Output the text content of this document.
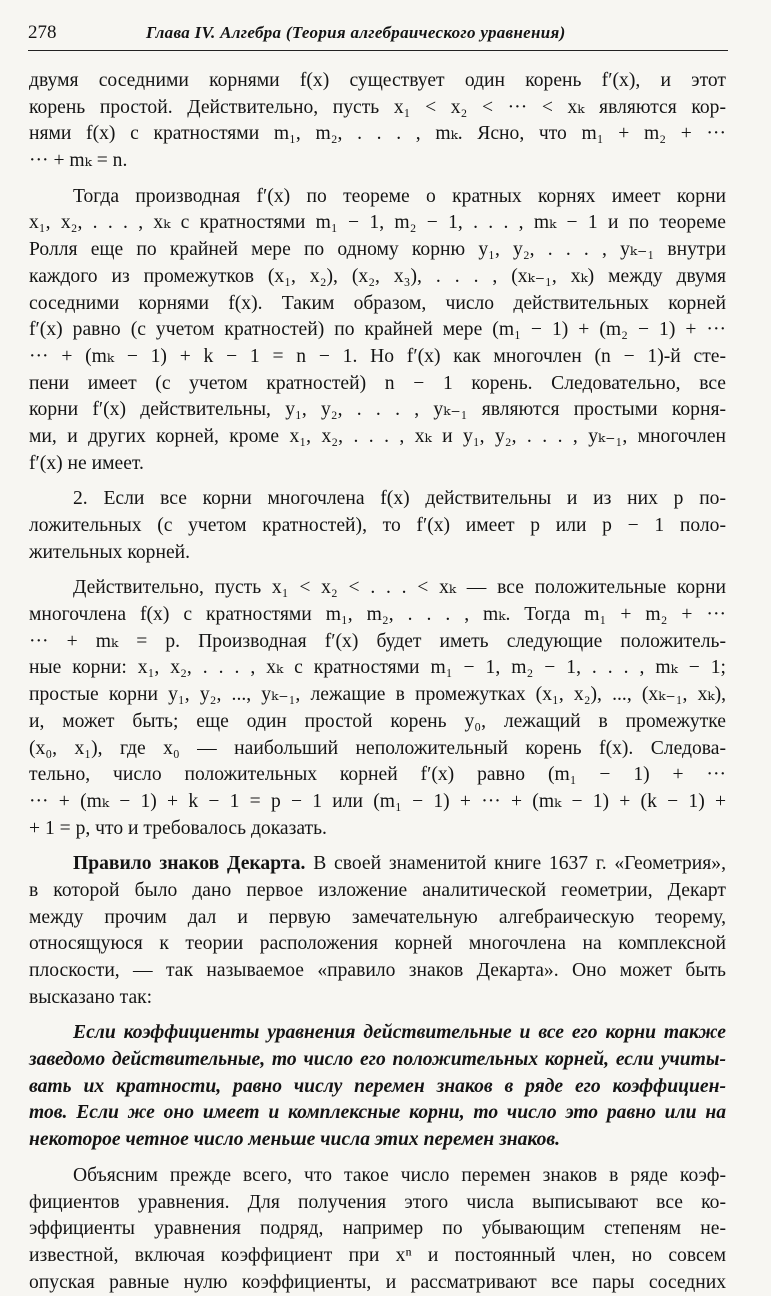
278	Глава IV. Алгебра (Теория алгебраического уравнения)
двумя соседними корнями f(x) существует один корень f′(x), и этот
корень простой. Действительно, пусть x₁ < x₂ < ··· < xₖ являются кор-
нями f(x) с кратностями m₁, m₂, . . . , mₖ. Ясно, что m₁ + m₂ + ···
··· + mₖ = n.
Тогда производная f′(x) по теореме о кратных корнях имеет корни
x₁, x₂, . . . , xₖ с кратностями m₁ − 1, m₂ − 1, . . . , mₖ − 1 и по теореме
Ролля еще по крайней мере по одному корню y₁, y₂, . . . , yₖ₋₁ внутри
каждого из промежутков (x₁, x₂), (x₂, x₃), . . . , (xₖ₋₁, xₖ) между двумя
соседними корнями f(x). Таким образом, число действительных корней
f′(x) равно (с учетом кратностей) по крайней мере (m₁ − 1) + (m₂ − 1) + ···
··· + (mₖ − 1) + k − 1 = n − 1. Но f′(x) как многочлен (n − 1)-й сте-
пени имеет (с учетом кратностей) n − 1 корень. Следовательно, все
корни f′(x) действительны, y₁, y₂, . . . , yₖ₋₁ являются простыми корня-
ми, и других корней, кроме x₁, x₂, . . . , xₖ и y₁, y₂, . . . , yₖ₋₁, многочлен
f′(x) не имеет.
2. Если все корни многочлена f(x) действительны и из них p по-
ложительных (с учетом кратностей), то f′(x) имеет p или p − 1 поло-
жительных корней.
Действительно, пусть x₁ < x₂ < . . . < xₖ — все положительные корни
многочлена f(x) с кратностями m₁, m₂, . . . , mₖ. Тогда m₁ + m₂ + ···
··· + mₖ = p. Производная f′(x) будет иметь следующие положитель-
ные корни: x₁, x₂, . . . , xₖ с кратностями m₁ − 1, m₂ − 1, . . . , mₖ − 1;
простые корни y₁, y₂, ..., yₖ₋₁, лежащие в промежутках (x₁, x₂), ..., (xₖ₋₁, xₖ),
и, может быть; еще один простой корень y₀, лежащий в промежутке
(x₀, x₁), где x₀ — наибольший неположительный корень f(x). Следова-
тельно, число положительных корней f′(x) равно (m₁ − 1) + ···
··· + (mₖ − 1) + k − 1 = p − 1 или (m₁ − 1) + ··· + (mₖ − 1) + (k − 1) +
+ 1 = p, что и требовалось доказать.
Правило знаков Декарта. В своей знаменитой книге 1637 г. «Геометрия»,
в которой было дано первое изложение аналитической геометрии, Декарт
между прочим дал и первую замечательную алгебраическую теорему,
относящуюся к теории расположения корней многочлена на комплексной
плоскости, — так называемое «правило знаков Декарта». Оно может быть
высказано так:
Если коэффициенты уравнения действительные и все его корни также
заведомо действительные, то число его положительных корней, если учиты-
вать их кратности, равно числу перемен знаков в ряде его коэффициен-
тов. Если же оно имеет и комплексные корни, то число это равно или на
некоторое четное число меньше числа этих перемен знаков.
Объясним прежде всего, что такое число перемен знаков в ряде коэф-
фициентов уравнения. Для получения этого числа выписывают все ко-
эффициенты уравнения подряд, например по убывающим степеням не-
известной, включая коэффициент при xⁿ и постоянный член, но совсем
опуская равные нулю коэффициенты, и рассматривают все пары соседних
